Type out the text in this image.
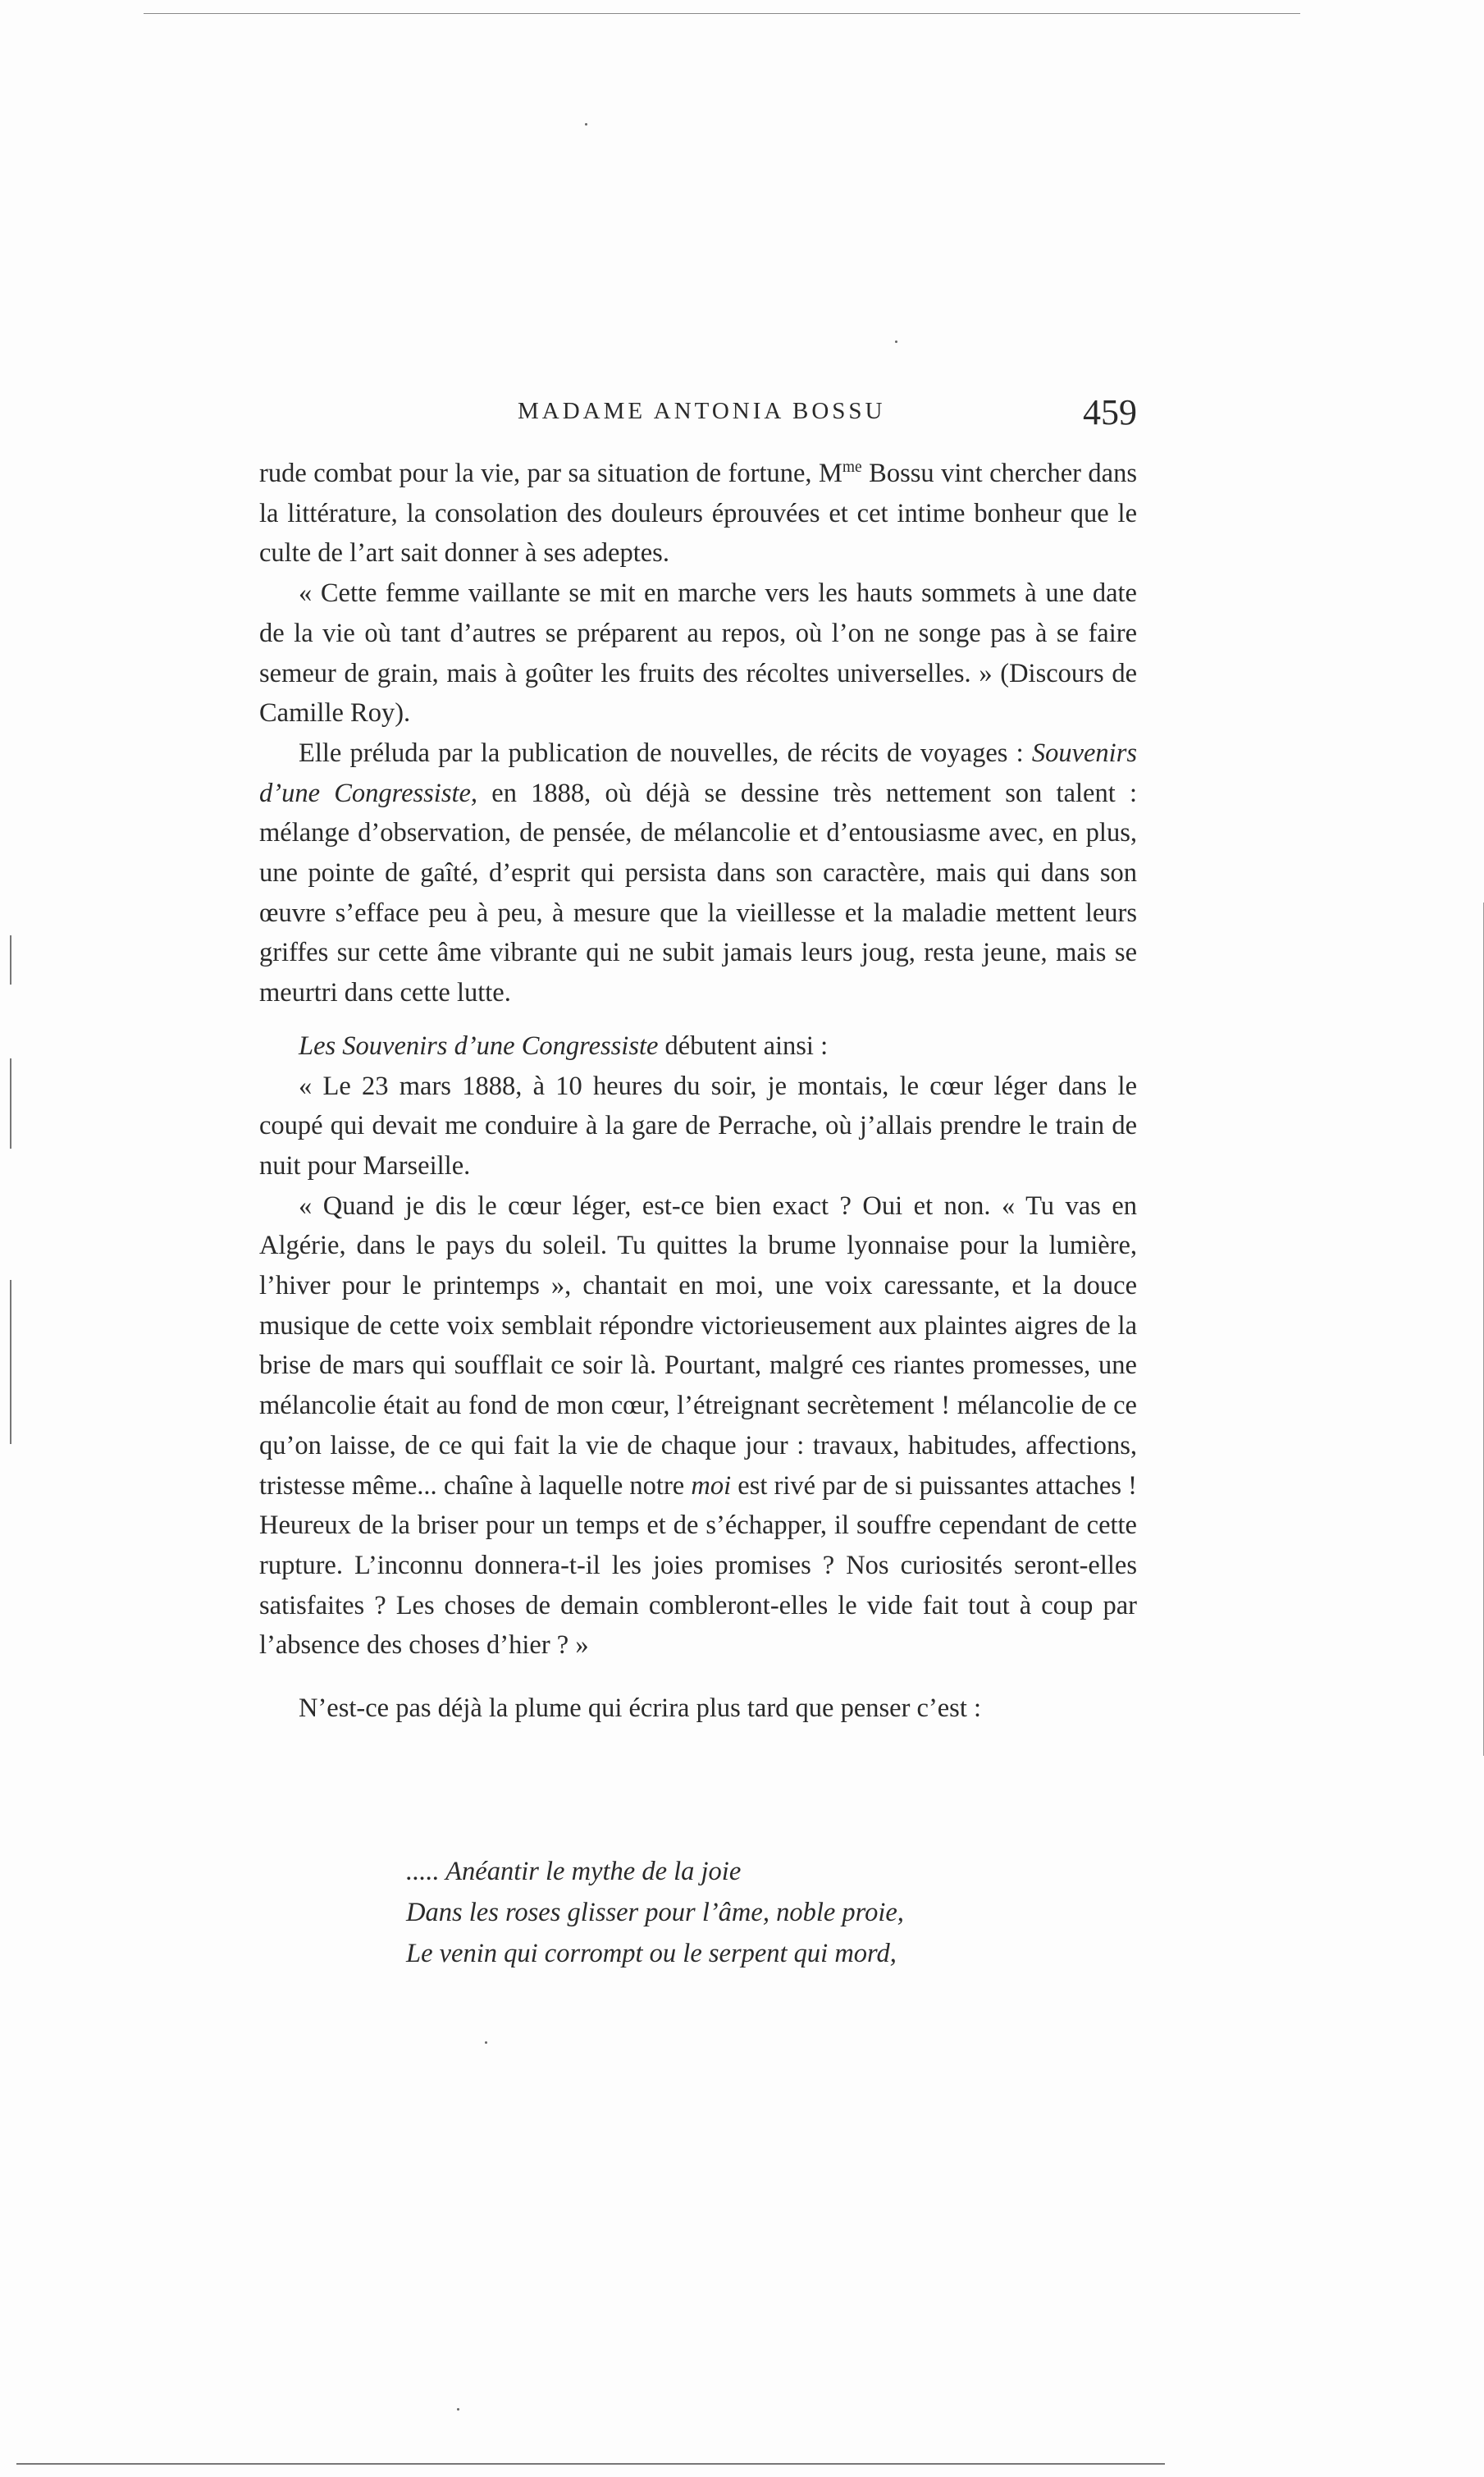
MADAME ANTONIA BOSSU	459

rude combat pour la vie, par sa situation de fortune, $M^{me}$ Bossu vint chercher dans la littérature, la consolation des douleurs éprouvées et cet intime bonheur que le culte de l’art sait donner à ses adeptes.

« Cette femme vaillante se mit en marche vers les hauts sommets à une date de la vie où tant d’autres se préparent au repos, où l’on ne songe pas à se faire semeur de grain, mais à goûter les fruits des récoltes universelles. » (Discours de Camille Roy).

Elle préluda par la publication de nouvelles, de récits de voyages : Souvenirs d’une Congressiste, en 1888, où déjà se dessine très nettement son talent : mélange d’observation, de pensée, de mélancolie et d’entousiasme avec, en plus, une pointe de gaîté, d’esprit qui persista dans son caractère, mais qui dans son œuvre s’efface peu à peu, à mesure que la vieillesse et la maladie mettent leurs griffes sur cette âme vibrante qui ne subit jamais leurs joug, resta jeune, mais se meurtri dans cette lutte.

Les Souvenirs d’une Congressiste débutent ainsi :

« Le 23 mars 1888, à 10 heures du soir, je montais, le cœur léger dans le coupé qui devait me conduire à la gare de Perrache, où j’allais prendre le train de nuit pour Marseille.

« Quand je dis le cœur léger, est-ce bien exact ? Oui et non. « Tu vas en Algérie, dans le pays du soleil. Tu quittes la brume lyonnaise pour la lumière, l’hiver pour le printemps », chantait en moi, une voix caressante, et la douce musique de cette voix semblait répondre victorieusement aux plaintes aigres de la brise de mars qui soufflait ce soir là. Pourtant, malgré ces riantes promesses, une mélancolie était au fond de mon cœur, l’étreignant secrètement ! mélancolie de ce qu’on laisse, de ce qui fait la vie de chaque jour : travaux, habitudes, affections, tristesse même... chaîne à laquelle notre moi est rivé par de si puissantes attaches ! Heureux de la briser pour un temps et de s’échapper, il souffre cependant de cette rupture. L’inconnu donnera-t-il les joies promises ? Nos curiosités seront-elles satisfaites ? Les choses de demain combleront-elles le vide fait tout à coup par l’absence des choses d’hier ? »

N’est-ce pas déjà la plume qui écrira plus tard que penser c’est :

..... Anéantir le mythe de la joie
Dans les roses glisser pour l’âme, noble proie,
Le venin qui corrompt ou le serpent qui mord,
